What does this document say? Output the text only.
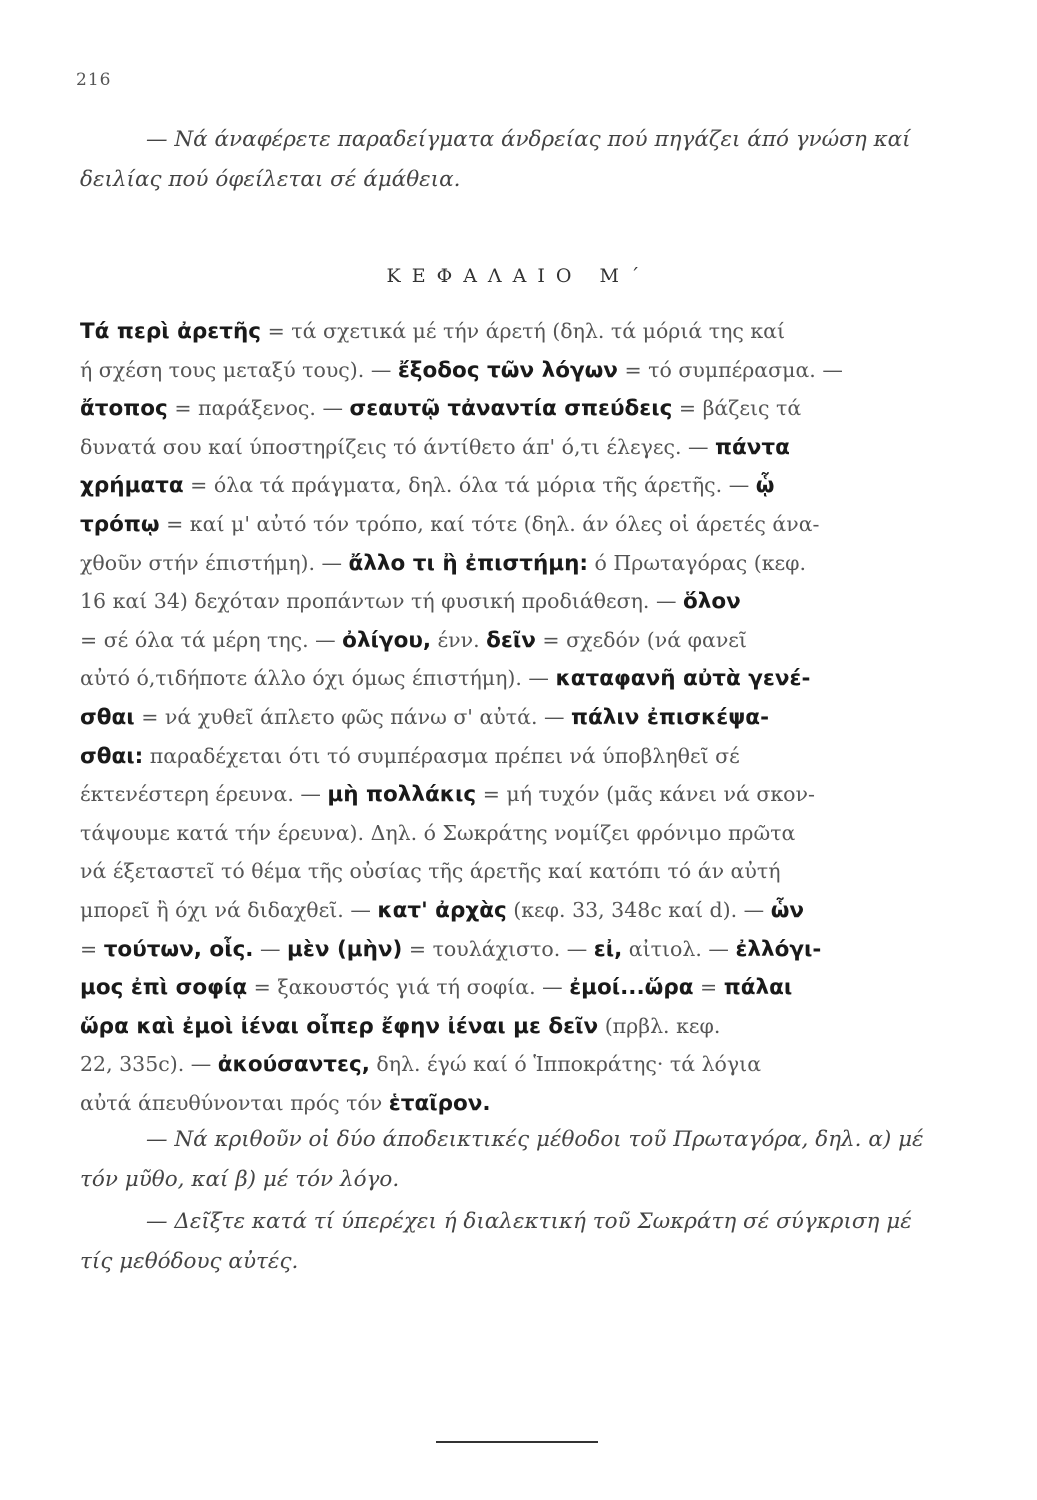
216

— Νά άναφέρετε παραδείγματα άνδρείας πού πηγάζει άπό γνώση καί δειλίας πού όφείλεται σέ άμάθεια.

ΚΕΦΑΛΑΙΟ Μ΄
Τά περὶ ἀρετῆς = τά σχετικά μέ τήν άρετή (δηλ. τά μόριά της καί
ή σχέση τους μεταξύ τους). — ἔξοδος τῶν λόγων = τό συμπέρασμα. —
ἄτοπος = παράξενος. — σεαυτῷ τἀναντία σπεύδεις = βάζεις τά
δυνατά σου καί ύποστηρίζεις τό άντίθετο άπ' ό,τι έλεγες. — πάντα
χρήματα = όλα τά πράγματα, δηλ. όλα τά μόρια τῆς άρετῆς. — ᾧ
τρόπῳ = καί μ' αὐτό τόν τρόπο, καί τότε (δηλ. άν όλες οἱ άρετές άνα-
χθοῦν στήν έπιστήμη). — ἄλλο τι ἢ ἐπιστήμη: ό Πρωταγόρας (κεφ.
16 καί 34) δεχόταν προπάντων τή φυσική προδιάθεση. — ὅλον
= σέ όλα τά μέρη της. — ὀλίγου, ένν. δεῖν = σχεδόν (νά φανεῖ
αὐτό ό,τιδήποτε άλλο όχι όμως έπιστήμη). — καταφανῆ αὐτὰ γενέ-
σθαι = νά χυθεῖ άπλετο φῶς πάνω σ' αὐτά. — πάλιν ἐπισκέψα-
σθαι: παραδέχεται ότι τό συμπέρασμα πρέπει νά ύποβληθεῖ σέ
έκτενέστερη έρευνα. — μὴ πολλάκις = μή τυχόν (μᾶς κάνει νά σκον-
τάψουμε κατά τήν έρευνα). Δηλ. ό Σωκράτης νομίζει φρόνιμο πρῶτα
νά έξεταστεῖ τό θέμα τῆς οὐσίας τῆς άρετῆς καί κατόπι τό άν αὐτή
μπορεῖ ἢ όχι νά διδαχθεῖ. — κατ' ἀρχὰς (κεφ. 33, 348c καί d). — ὧν
= τούτων, οἷς. — μὲν (μὴν) = τουλάχιστο. — εἰ, αἰτιολ. — ἐλλόγι-
μος ἐπὶ σοφίᾳ = ξακουστός γιά τή σοφία. — ἐμοί...ὥρα = πάλαι
ὥρα καὶ ἐμοὶ ἰέναι οἶπερ ἔφην ἰέναι με δεῖν (πρβλ. κεφ.
22, 335c). — ἀκούσαντες, δηλ. έγώ καί ό Ἱπποκράτης· τά λόγια
αὐτά άπευθύνονται πρός τόν ἑταῖρον.

— Νά κριθοῦν οἱ δύο άποδεικτικές μέθοδοι τοῦ Πρωταγόρα, δηλ. α) μέ τόν μῦθο, καί β) μέ τόν λόγο.

— Δεῖξτε κατά τί ύπερέχει ή διαλεκτική τοῦ Σωκράτη σέ σύγκριση μέ τίς μεθόδους αὐτές.
